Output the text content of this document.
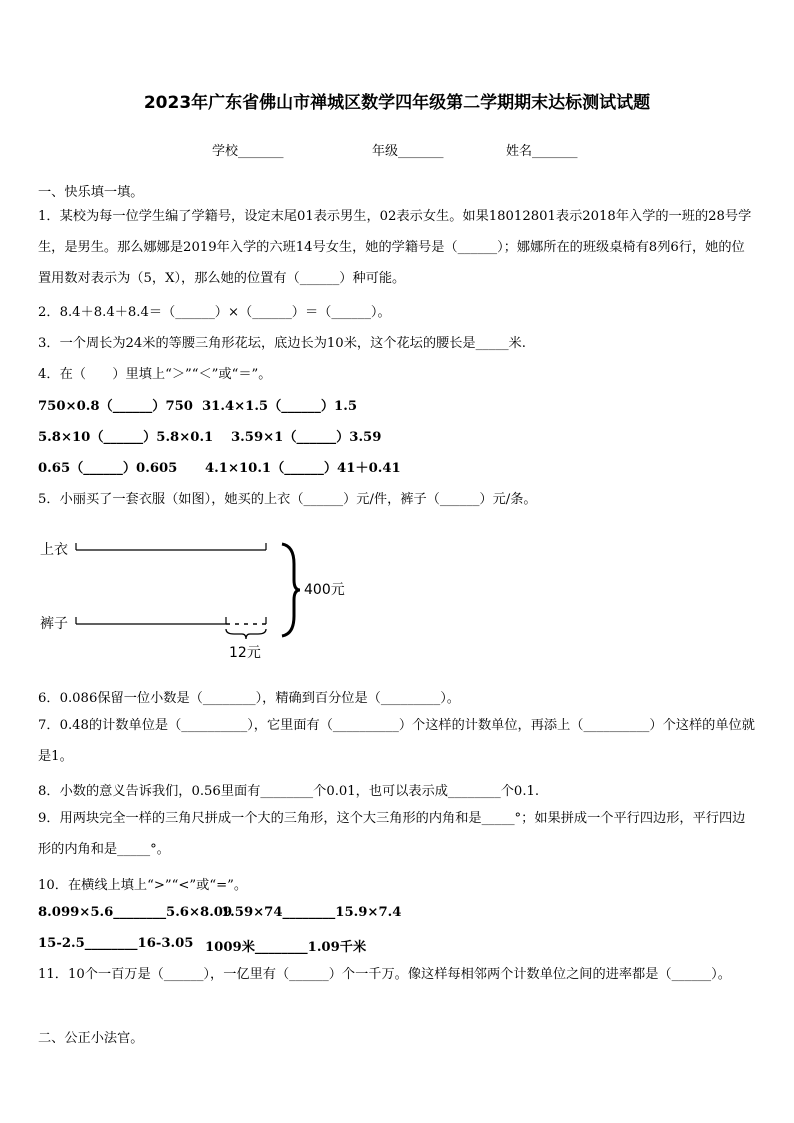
2023年广东省佛山市禅城区数学四年级第二学期期末达标测试试题
学校_______	年级_______	姓名_______
一、快乐填一填。
1．某校为每一位学生编了学籍号，设定末尾01表示男生，02表示女生。如果18012801表示2018年入学的一班的28号学生，是男生。那么娜娜是2019年入学的六班14号女生，她的学籍号是（______）；娜娜所在的班级桌椅有8列6行，她的位置用数对表示为（5，X），那么她的位置有（______）种可能。
2．8.4＋8.4＋8.4＝（______）×（______）＝（______）。
3．一个周长为24米的等腰三角形花坛，底边长为10米，这个花坛的腰长是_____米.
4．在（　　）里填上“＞”“＜”或“＝”。
750×0.8（______）750 31.4×1.5（______）1.5
5.8×10（______）5.8×0.1 3.59×1（______）3.59
0.65（______）0.605 4.1×10.1（______）41＋0.41
5．小丽买了一套衣服（如图），她买的上衣（______）元/件，裤子（______）元/条。
上衣
裤子
12元
400元
6．0.086保留一位小数是（________），精确到百分位是（_________）。
7．0.48的计数单位是（__________），它里面有（__________）个这样的计数单位，再添上（__________）个这样的单位就是1。
8．小数的意义告诉我们，0.56里面有________个0.01，也可以表示成________个0.1.
9．用两块完全一样的三角尺拼成一个大的三角形，这个大三角形的内角和是_____°；如果拼成一个平行四边形，平行四边形的内角和是_____°。
10．在横线上填上“>”“<”或“=”。
8.099×5.6________5.6×8.09
1.59×74________15.9×7.4
15-2.5________16-3.05 1009米________1.09千米
11．10个一百万是（______），一亿里有（______）个一千万。像这样每相邻两个计数单位之间的进率都是（______）。
二、公正小法官。
